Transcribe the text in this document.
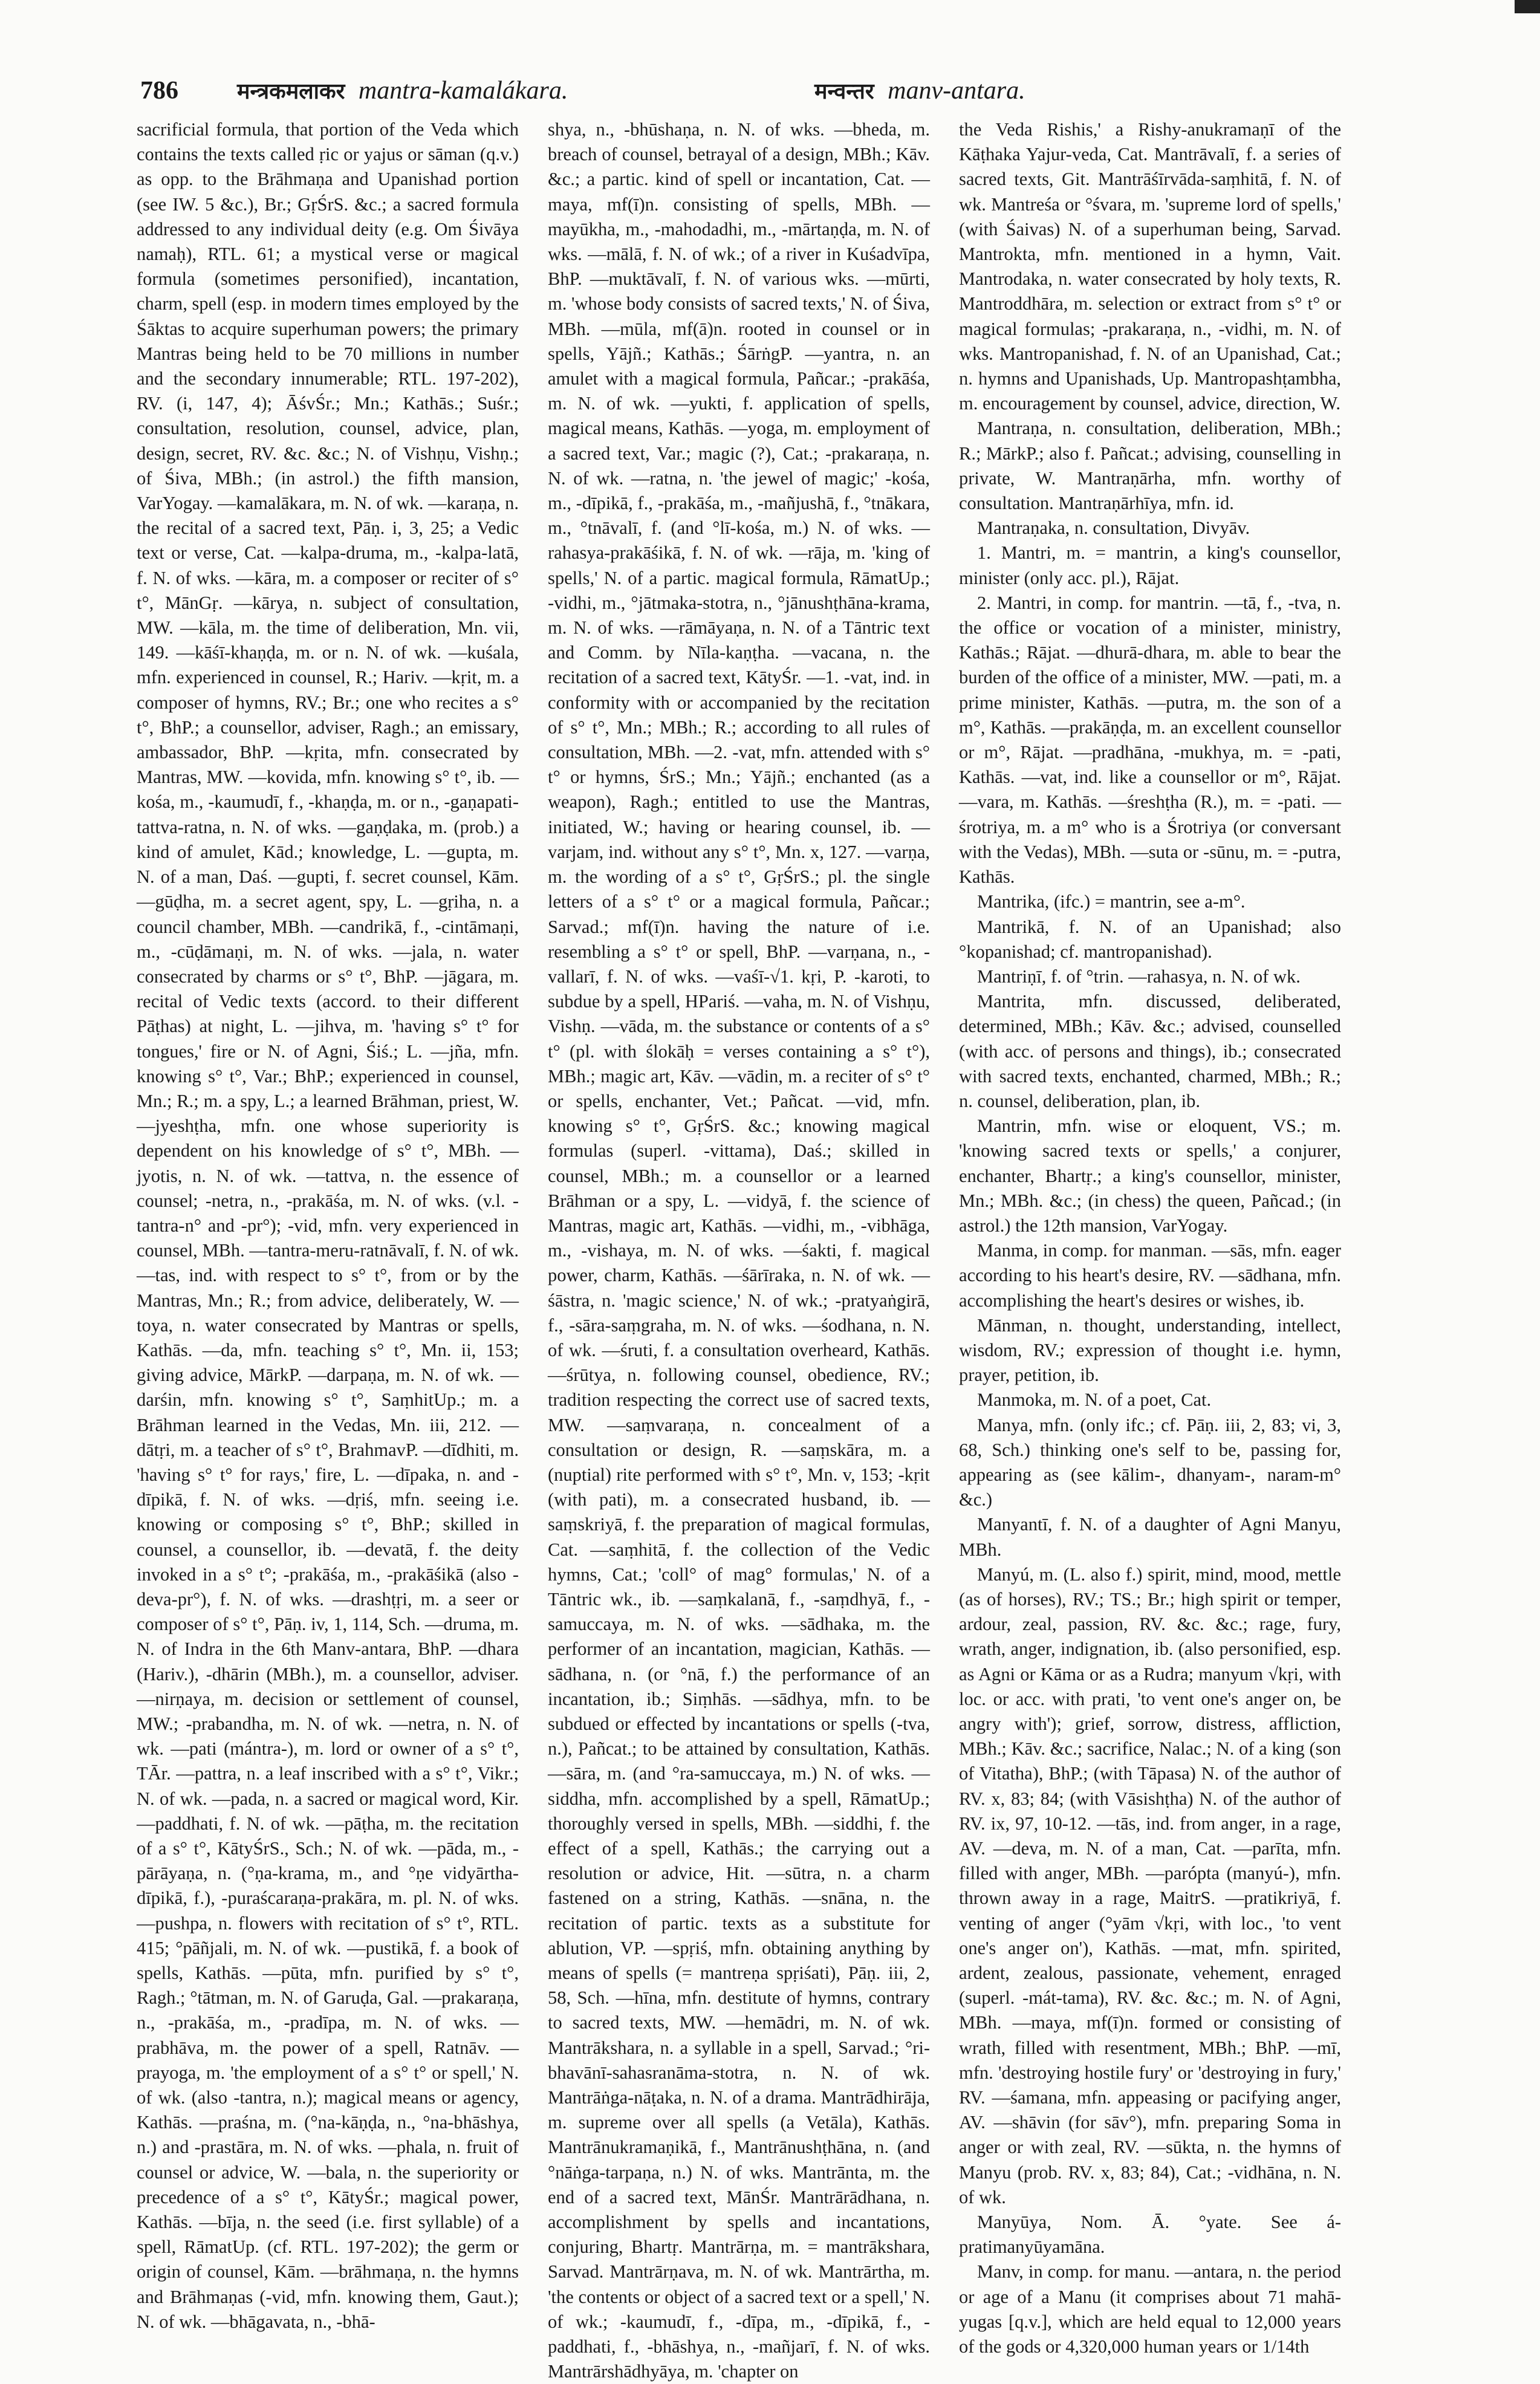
786	मन्त्रकमलाकर mantra-kamalákara.	मन्वन्तर manv-antara.

sacrificial formula, that portion of the Veda which contains the texts called ṛic or yajus or sāman (q.v.) as opp. to the Brāhmaṇa and Upanishad portion (see IW. 5 &c.), Br.; GṛŚrS. &c.; a sacred formula addressed to any individual deity (e.g. Om Śivāya namaḥ), RTL. 61; a mystical verse or magical formula (sometimes personified), incantation, charm, spell (esp. in modern times employed by the Śāktas to acquire superhuman powers; the primary Mantras being held to be 70 millions in number and the secondary innumerable; RTL. 197-202), RV. (i, 147, 4); ĀśvŚr.; Mn.; Kathās.; Suśr.; consultation, resolution, counsel, advice, plan, design, secret, RV. &c. &c.; N. of Vishṇu, Vishṇ.; of Śiva, MBh.; (in astrol.) the fifth mansion, VarYogay. —kamalākara, m. N. of wk. —karaṇa, n. the recital of a sacred text, Pāṇ. i, 3, 25; a Vedic text or verse, Cat. —kalpa-druma, m., -kalpa-latā, f. N. of wks. —kāra, m. a composer or reciter of s° t°, MānGṛ. —kārya, n. subject of consultation, MW. —kāla, m. the time of deliberation, Mn. vii, 149. —kāśī-khaṇḍa, m. or n. N. of wk. —kuśala, mfn. experienced in counsel, R.; Hariv. —kṛit, m. a composer of hymns, RV.; Br.; one who recites a s° t°, BhP.; a counsellor, adviser, Ragh.; an emissary, ambassador, BhP. —kṛita, mfn. consecrated by Mantras, MW. —kovida, mfn. knowing s° t°, ib. —kośa, m., -kaumudī, f., -khaṇḍa, m. or n., -gaṇapati-tattva-ratna, n. N. of wks. —gaṇḍaka, m. (prob.) a kind of amulet, Kād.; knowledge, L. —gupta, m. N. of a man, Daś. —gupti, f. secret counsel, Kām. —gūḍha, m. a secret agent, spy, L. —gṛiha, n. a council chamber, MBh. —candrikā, f., -cintāmaṇi, m., -cūḍāmaṇi, m. N. of wks. —jala, n. water consecrated by charms or s° t°, BhP. —jāgara, m. recital of Vedic texts (accord. to their different Pāṭhas) at night, L. —jihva, m. 'having s° t° for tongues,' fire or N. of Agni, Śiś.; L. —jña, mfn. knowing s° t°, Var.; BhP.; experienced in counsel, Mn.; R.; m. a spy, L.; a learned Brāhman, priest, W. —jyeshṭha, mfn. one whose superiority is dependent on his knowledge of s° t°, MBh. —jyotis, n. N. of wk. —tattva, n. the essence of counsel; -netra, n., -prakāśa, m. N. of wks. (v.l. -tantra-n° and -pr°); -vid, mfn. very experienced in counsel, MBh. —tantra-meru-ratnāvalī, f. N. of wk. —tas, ind. with respect to s° t°, from or by the Mantras, Mn.; R.; from advice, deliberately, W. —toya, n. water consecrated by Mantras or spells, Kathās. —da, mfn. teaching s° t°, Mn. ii, 153; giving advice, MārkP. —darpaṇa, m. N. of wk. —darśin, mfn. knowing s° t°, SaṃhitUp.; m. a Brāhman learned in the Vedas, Mn. iii, 212. —dātṛi, m. a teacher of s° t°, BrahmavP. —dīdhiti, m. 'having s° t° for rays,' fire, L. —dīpaka, n. and -dīpikā, f. N. of wks. —dṛiś, mfn. seeing i.e. knowing or composing s° t°, BhP.; skilled in counsel, a counsellor, ib. —devatā, f. the deity invoked in a s° t°; -prakāśa, m., -prakāśikā (also -deva-pr°), f. N. of wks. —drashṭṛi, m. a seer or composer of s° t°, Pāṇ. iv, 1, 114, Sch. —druma, m. N. of Indra in the 6th Manv-antara, BhP. —dhara (Hariv.), -dhārin (MBh.), m. a counsellor, adviser. —nirṇaya, m. decision or settlement of counsel, MW.; -prabandha, m. N. of wk. —netra, n. N. of wk. —pati (mántra-), m. lord or owner of a s° t°, TĀr. —pattra, n. a leaf inscribed with a s° t°, Vikr.; N. of wk. —pada, n. a sacred or magical word, Kir. —paddhati, f. N. of wk. —pāṭha, m. the recitation of a s° t°, KātyŚrS., Sch.; N. of wk. —pāda, m., -pārāyaṇa, n. (°ṇa-krama, m., and °ṇe vidyārtha-dīpikā, f.), -puraścaraṇa-prakāra, m. pl. N. of wks. —pushpa, n. flowers with recitation of s° t°, RTL. 415; °pāñjali, m. N. of wk. —pustikā, f. a book of spells, Kathās. —pūta, mfn. purified by s° t°, Ragh.; °tātman, m. N. of Garuḍa, Gal. —prakaraṇa, n., -prakāśa, m., -pradīpa, m. N. of wks. —prabhāva, m. the power of a spell, Ratnāv. —prayoga, m. 'the employment of a s° t° or spell,' N. of wk. (also -tantra, n.); magical means or agency, Kathās. —praśna, m. (°na-kāṇḍa, n., °na-bhāshya, n.) and -prastāra, m. N. of wks. —phala, n. fruit of counsel or advice, W. —bala, n. the superiority or precedence of a s° t°, KātyŚr.; magical power, Kathās. —bīja, n. the seed (i.e. first syllable) of a spell, RāmatUp. (cf. RTL. 197-202); the germ or origin of counsel, Kām. —brāhmaṇa, n. the hymns and Brāhmaṇas (-vid, mfn. knowing them, Gaut.); N. of wk. —bhāgavata, n., -bhā-

shya, n., -bhūshaṇa, n. N. of wks. —bheda, m. breach of counsel, betrayal of a design, MBh.; Kāv. &c.; a partic. kind of spell or incantation, Cat. —maya, mf(ī)n. consisting of spells, MBh. —mayūkha, m., -mahodadhi, m., -mārtaṇḍa, m. N. of wks. —mālā, f. N. of wk.; of a river in Kuśadvīpa, BhP. —muktāvalī, f. N. of various wks. —mūrti, m. 'whose body consists of sacred texts,' N. of Śiva, MBh. —mūla, mf(ā)n. rooted in counsel or in spells, Yājñ.; Kathās.; ŚārṅgP. —yantra, n. an amulet with a magical formula, Pañcar.; -prakāśa, m. N. of wk. —yukti, f. application of spells, magical means, Kathās. —yoga, m. employment of a sacred text, Var.; magic (?), Cat.; -prakaraṇa, n. N. of wk. —ratna, n. 'the jewel of magic;' -kośa, m., -dīpikā, f., -prakāśa, m., -mañjushā, f., °tnākara, m., °tnāvalī, f. (and °lī-kośa, m.) N. of wks. —rahasya-prakāśikā, f. N. of wk. —rāja, m. 'king of spells,' N. of a partic. magical formula, RāmatUp.; -vidhi, m., °jātmaka-stotra, n., °jānushṭhāna-krama, m. N. of wks. —rāmāyaṇa, n. N. of a Tāntric text and Comm. by Nīla-kaṇṭha. —vacana, n. the recitation of a sacred text, KātyŚr. —1. -vat, ind. in conformity with or accompanied by the recitation of s° t°, Mn.; MBh.; R.; according to all rules of consultation, MBh. —2. -vat, mfn. attended with s° t° or hymns, ŚrS.; Mn.; Yājñ.; enchanted (as a weapon), Ragh.; entitled to use the Mantras, initiated, W.; having or hearing counsel, ib. —varjam, ind. without any s° t°, Mn. x, 127. —varṇa, m. the wording of a s° t°, GṛŚrS.; pl. the single letters of a s° t° or a magical formula, Pañcar.; Sarvad.; mf(ī)n. having the nature of i.e. resembling a s° t° or spell, BhP. —varṇana, n., -vallarī, f. N. of wks. —vaśī-√1. kṛi, P. -karoti, to subdue by a spell, HPariś. —vaha, m. N. of Vishṇu, Vishṇ. —vāda, m. the substance or contents of a s° t° (pl. with ślokāḥ = verses containing a s° t°), MBh.; magic art, Kāv. —vādin, m. a reciter of s° t° or spells, enchanter, Vet.; Pañcat. —vid, mfn. knowing s° t°, GṛŚrS. &c.; knowing magical formulas (superl. -vittama), Daś.; skilled in counsel, MBh.; m. a counsellor or a learned Brāhman or a spy, L. —vidyā, f. the science of Mantras, magic art, Kathās. —vidhi, m., -vibhāga, m., -vishaya, m. N. of wks. —śakti, f. magical power, charm, Kathās. —śārīraka, n. N. of wk. —śāstra, n. 'magic science,' N. of wk.; -pratyaṅgirā, f., -sāra-saṃgraha, m. N. of wks. —śodhana, n. N. of wk. —śruti, f. a consultation overheard, Kathās. —śrūtya, n. following counsel, obedience, RV.; tradition respecting the correct use of sacred texts, MW. —saṃvaraṇa, n. concealment of a consultation or design, R. —saṃskāra, m. a (nuptial) rite performed with s° t°, Mn. v, 153; -kṛit (with pati), m. a consecrated husband, ib. —saṃskriyā, f. the preparation of magical formulas, Cat. —saṃhitā, f. the collection of the Vedic hymns, Cat.; 'coll° of mag° formulas,' N. of a Tāntric wk., ib. —saṃkalanā, f., -saṃdhyā, f., -samuccaya, m. N. of wks. —sādhaka, m. the performer of an incantation, magician, Kathās. —sādhana, n. (or °nā, f.) the performance of an incantation, ib.; Siṃhās. —sādhya, mfn. to be subdued or effected by incantations or spells (-tva, n.), Pañcat.; to be attained by consultation, Kathās. —sāra, m. (and °ra-samuccaya, m.) N. of wks. —siddha, mfn. accomplished by a spell, RāmatUp.; thoroughly versed in spells, MBh. —siddhi, f. the effect of a spell, Kathās.; the carrying out a resolution or advice, Hit. —sūtra, n. a charm fastened on a string, Kathās. —snāna, n. the recitation of partic. texts as a substitute for ablution, VP. —spṛiś, mfn. obtaining anything by means of spells (= mantreṇa spṛiśati), Pāṇ. iii, 2, 58, Sch. —hīna, mfn. destitute of hymns, contrary to sacred texts, MW. —hemādri, m. N. of wk. Mantrākshara, n. a syllable in a spell, Sarvad.; °ri-bhavānī-sahasranāma-stotra, n. N. of wk. Mantrāṅga-nāṭaka, n. N. of a drama. Mantrādhirāja, m. supreme over all spells (a Vetāla), Kathās. Mantrānukramaṇikā, f., Mantrānushṭhāna, n. (and °nāṅga-tarpaṇa, n.) N. of wks. Mantrānta, m. the end of a sacred text, MānŚr. Mantrārādhana, n. accomplishment by spells and incantations, conjuring, Bhartṛ. Mantrārṇa, m. = mantrākshara, Sarvad. Mantrārṇava, m. N. of wk. Mantrārtha, m. 'the contents or object of a sacred text or a spell,' N. of wk.; -kaumudī, f., -dīpa, m., -dīpikā, f., -paddhati, f., -bhāshya, n., -mañjarī, f. N. of wks. Mantrārshādhyāya, m. 'chapter on

the Veda Rishis,' a Rishy-anukramaṇī of the Kāṭhaka Yajur-veda, Cat. Mantrāvalī, f. a series of sacred texts, Git. Mantrāśīrvāda-saṃhitā, f. N. of wk. Mantreśa or °śvara, m. 'supreme lord of spells,' (with Śaivas) N. of a superhuman being, Sarvad. Mantrokta, mfn. mentioned in a hymn, Vait. Mantrodaka, n. water consecrated by holy texts, R. Mantroddhāra, m. selection or extract from s° t° or magical formulas; -prakaraṇa, n., -vidhi, m. N. of wks. Mantropanishad, f. N. of an Upanishad, Cat.; n. hymns and Upanishads, Up. Mantropashṭambha, m. encouragement by counsel, advice, direction, W.

Mantraṇa, n. consultation, deliberation, MBh.; R.; MārkP.; also f. Pañcat.; advising, counselling in private, W. Mantraṇārha, mfn. worthy of consultation. Mantraṇārhīya, mfn. id.

Mantraṇaka, n. consultation, Divyāv.

1. Mantri, m. = mantrin, a king's counsellor, minister (only acc. pl.), Rājat.

2. Mantri, in comp. for mantrin. —tā, f., -tva, n. the office or vocation of a minister, ministry, Kathās.; Rājat. —dhurā-dhara, m. able to bear the burden of the office of a minister, MW. —pati, m. a prime minister, Kathās. —putra, m. the son of a m°, Kathās. —prakāṇḍa, m. an excellent counsellor or m°, Rājat. —pradhāna, -mukhya, m. = -pati, Kathās. —vat, ind. like a counsellor or m°, Rājat. —vara, m. Kathās. —śreshṭha (R.), m. = -pati. —śrotriya, m. a m° who is a Śrotriya (or conversant with the Vedas), MBh. —suta or -sūnu, m. = -putra, Kathās.

Mantrika, (ifc.) = mantrin, see a-m°.

Mantrikā, f. N. of an Upanishad; also °kopanishad; cf. mantropanishad).

Mantriṇī, f. of °trin. —rahasya, n. N. of wk.

Mantrita, mfn. discussed, deliberated, determined, MBh.; Kāv. &c.; advised, counselled (with acc. of persons and things), ib.; consecrated with sacred texts, enchanted, charmed, MBh.; R.; n. counsel, deliberation, plan, ib.

Mantrin, mfn. wise or eloquent, VS.; m. 'knowing sacred texts or spells,' a conjurer, enchanter, Bhartṛ.; a king's counsellor, minister, Mn.; MBh. &c.; (in chess) the queen, Pañcad.; (in astrol.) the 12th mansion, VarYogay.

Manma, in comp. for manman. —sās, mfn. eager according to his heart's desire, RV. —sādhana, mfn. accomplishing the heart's desires or wishes, ib.

Mānman, n. thought, understanding, intellect, wisdom, RV.; expression of thought i.e. hymn, prayer, petition, ib.

Manmoka, m. N. of a poet, Cat.

Manya, mfn. (only ifc.; cf. Pāṇ. iii, 2, 83; vi, 3, 68, Sch.) thinking one's self to be, passing for, appearing as (see kālim-, dhanyam-, naram-m° &c.)

Manyantī, f. N. of a daughter of Agni Manyu, MBh.

Manyú, m. (L. also f.) spirit, mind, mood, mettle (as of horses), RV.; TS.; Br.; high spirit or temper, ardour, zeal, passion, RV. &c. &c.; rage, fury, wrath, anger, indignation, ib. (also personified, esp. as Agni or Kāma or as a Rudra; manyum √kṛi, with loc. or acc. with prati, 'to vent one's anger on, be angry with'); grief, sorrow, distress, affliction, MBh.; Kāv. &c.; sacrifice, Nalac.; N. of a king (son of Vitatha), BhP.; (with Tāpasa) N. of the author of RV. x, 83; 84; (with Vāsishṭha) N. of the author of RV. ix, 97, 10-12. —tās, ind. from anger, in a rage, AV. —deva, m. N. of a man, Cat. —parīta, mfn. filled with anger, MBh. —parópta (manyú-), mfn. thrown away in a rage, MaitrS. —pratikriyā, f. venting of anger (°yām √kṛi, with loc., 'to vent one's anger on'), Kathās. —mat, mfn. spirited, ardent, zealous, passionate, vehement, enraged (superl. -mát-tama), RV. &c. &c.; m. N. of Agni, MBh. —maya, mf(ī)n. formed or consisting of wrath, filled with resentment, MBh.; BhP. —mī, mfn. 'destroying hostile fury' or 'destroying in fury,' RV. —śamana, mfn. appeasing or pacifying anger, AV. —shāvin (for sāv°), mfn. preparing Soma in anger or with zeal, RV. —sūkta, n. the hymns of Manyu (prob. RV. x, 83; 84), Cat.; -vidhāna, n. N. of wk.

Manyūya, Nom. Ā. °yate. See á-pratimanyūyamāna.

Manv, in comp. for manu. —antara, n. the period or age of a Manu (it comprises about 71 mahā-yugas [q.v.], which are held equal to 12,000 years of the gods or 4,320,000 human years or 1/14th
